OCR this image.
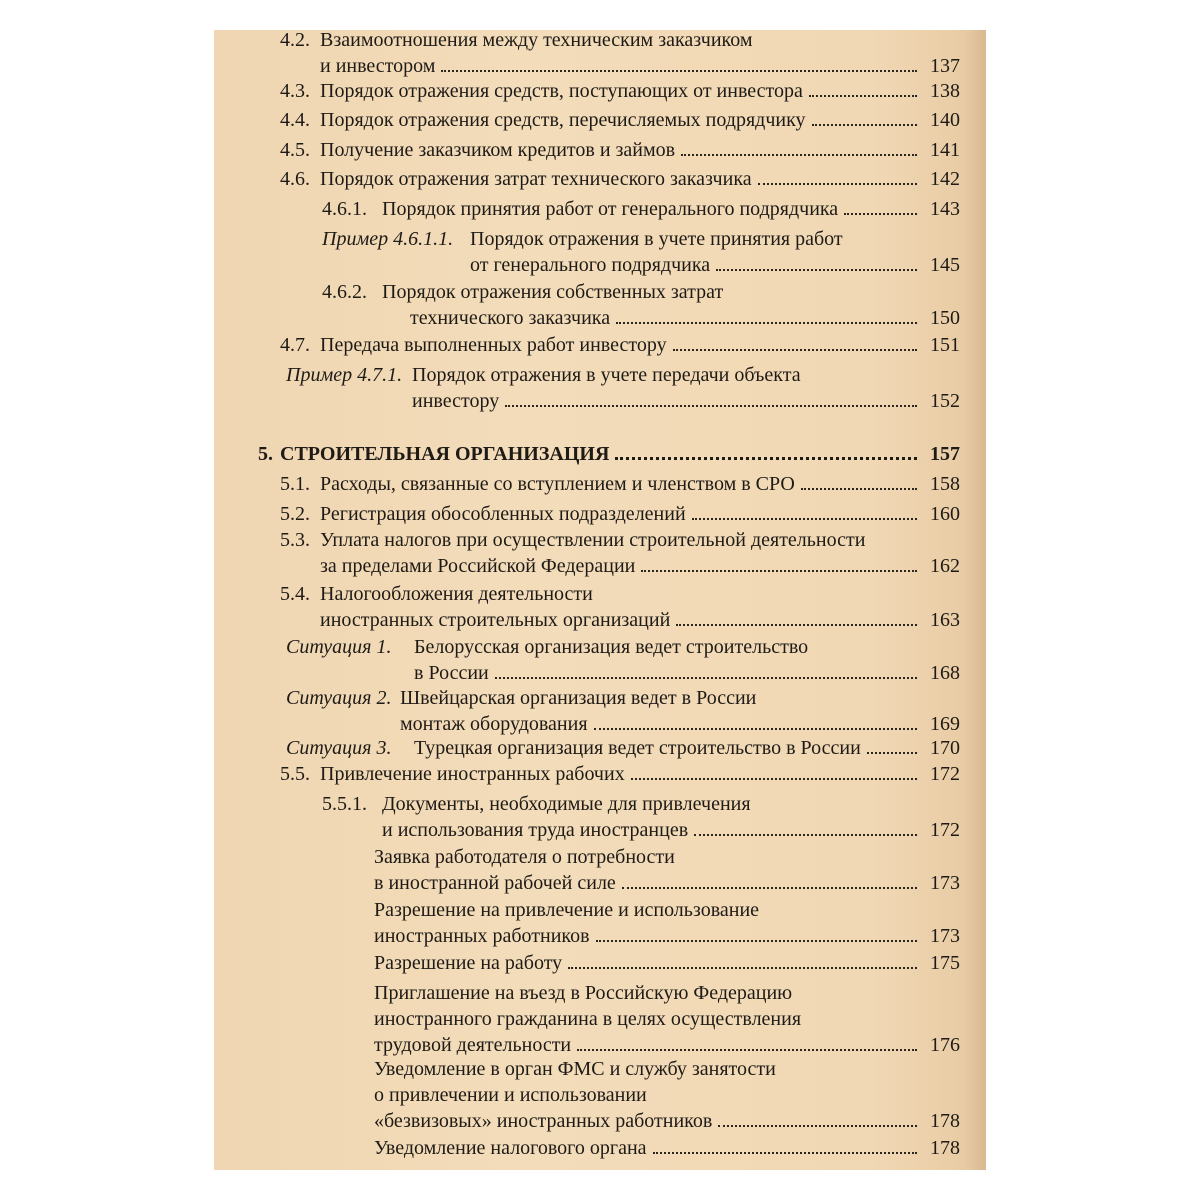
4.2. Взаимоотношения между техническим заказчиком
и инвестором	137
4.3. Порядок отражения средств, поступающих от инвестора	138
4.4. Порядок отражения средств, перечисляемых подрядчику	140
4.5. Получение заказчиком кредитов и займов	141
4.6. Порядок отражения затрат технического заказчика	142
4.6.1. Порядок принятия работ от генерального подрядчика	143
Пример 4.6.1.1. Порядок отражения в учете принятия работ
от генерального подрядчика	145
4.6.2. Порядок отражения собственных затрат
технического заказчика	150
4.7. Передача выполненных работ инвестору	151
Пример 4.7.1. Порядок отражения в учете передачи объекта
инвестору	152
5. СТРОИТЕЛЬНАЯ ОРГАНИЗАЦИЯ	157
5.1. Расходы, связанные со вступлением и членством в СРО	158
5.2. Регистрация обособленных подразделений	160
5.3. Уплата налогов при осуществлении строительной деятельности
за пределами Российской Федерации	162
5.4. Налогообложения деятельности
иностранных строительных организаций	163
Ситуация 1. Белорусская организация ведет строительство
в России	168
Ситуация 2. Швейцарская организация ведет в России
монтаж оборудования	169
Ситуация 3. Турецкая организация ведет строительство в России	170
5.5. Привлечение иностранных рабочих	172
5.5.1. Документы, необходимые для привлечения
и использования труда иностранцев	172
Заявка работодателя о потребности
в иностранной рабочей силе	173
Разрешение на привлечение и использование
иностранных работников	173
Разрешение на работу	175
Приглашение на въезд в Российскую Федерацию
иностранного гражданина в целях осуществления
трудовой деятельности	176
Уведомление в орган ФМС и службу занятости
о привлечении и использовании
«безвизовых» иностранных работников	178
Уведомление налогового органа	178
